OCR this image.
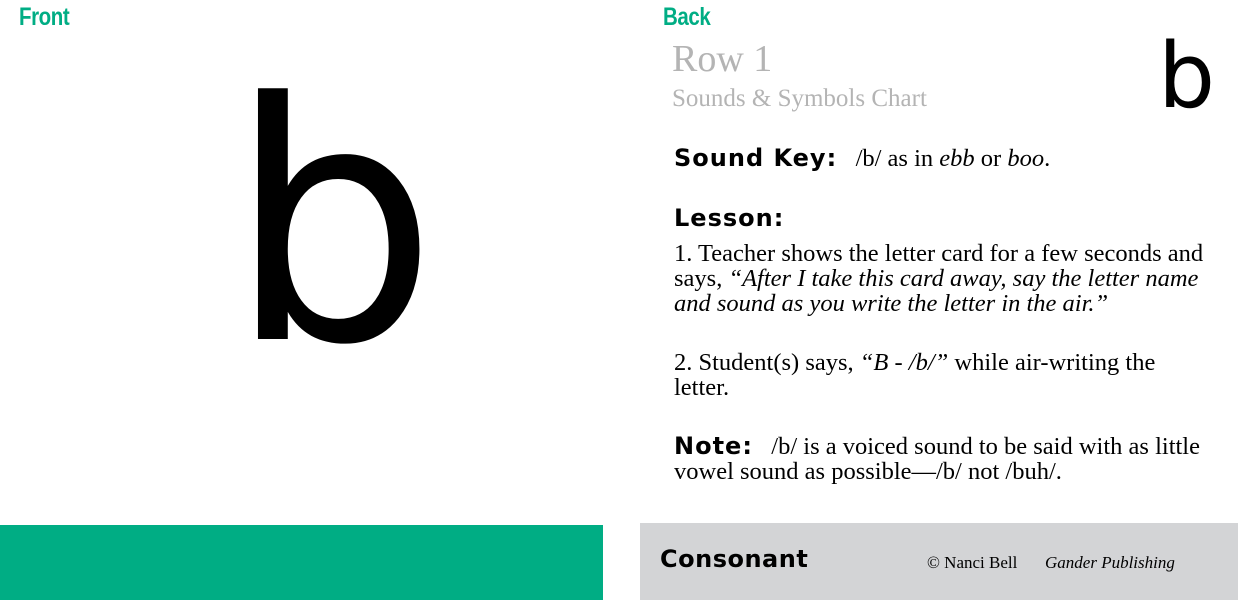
Front
b
Back
Row 1
Sounds & Symbols Chart	b
Sound Key: /b/ as in ebb or boo.
Lesson:
1. Teacher shows the letter card for a few seconds and says, “After I take this card away, say the letter name and sound as you write the letter in the air.”
2. Student(s) says, “B - /b/” while air-writing the letter.
Note: /b/ is a voiced sound to be said with as little vowel sound as possible—/b/ not /buh/.
Consonant	© Nanci Bell Gander Publishing
